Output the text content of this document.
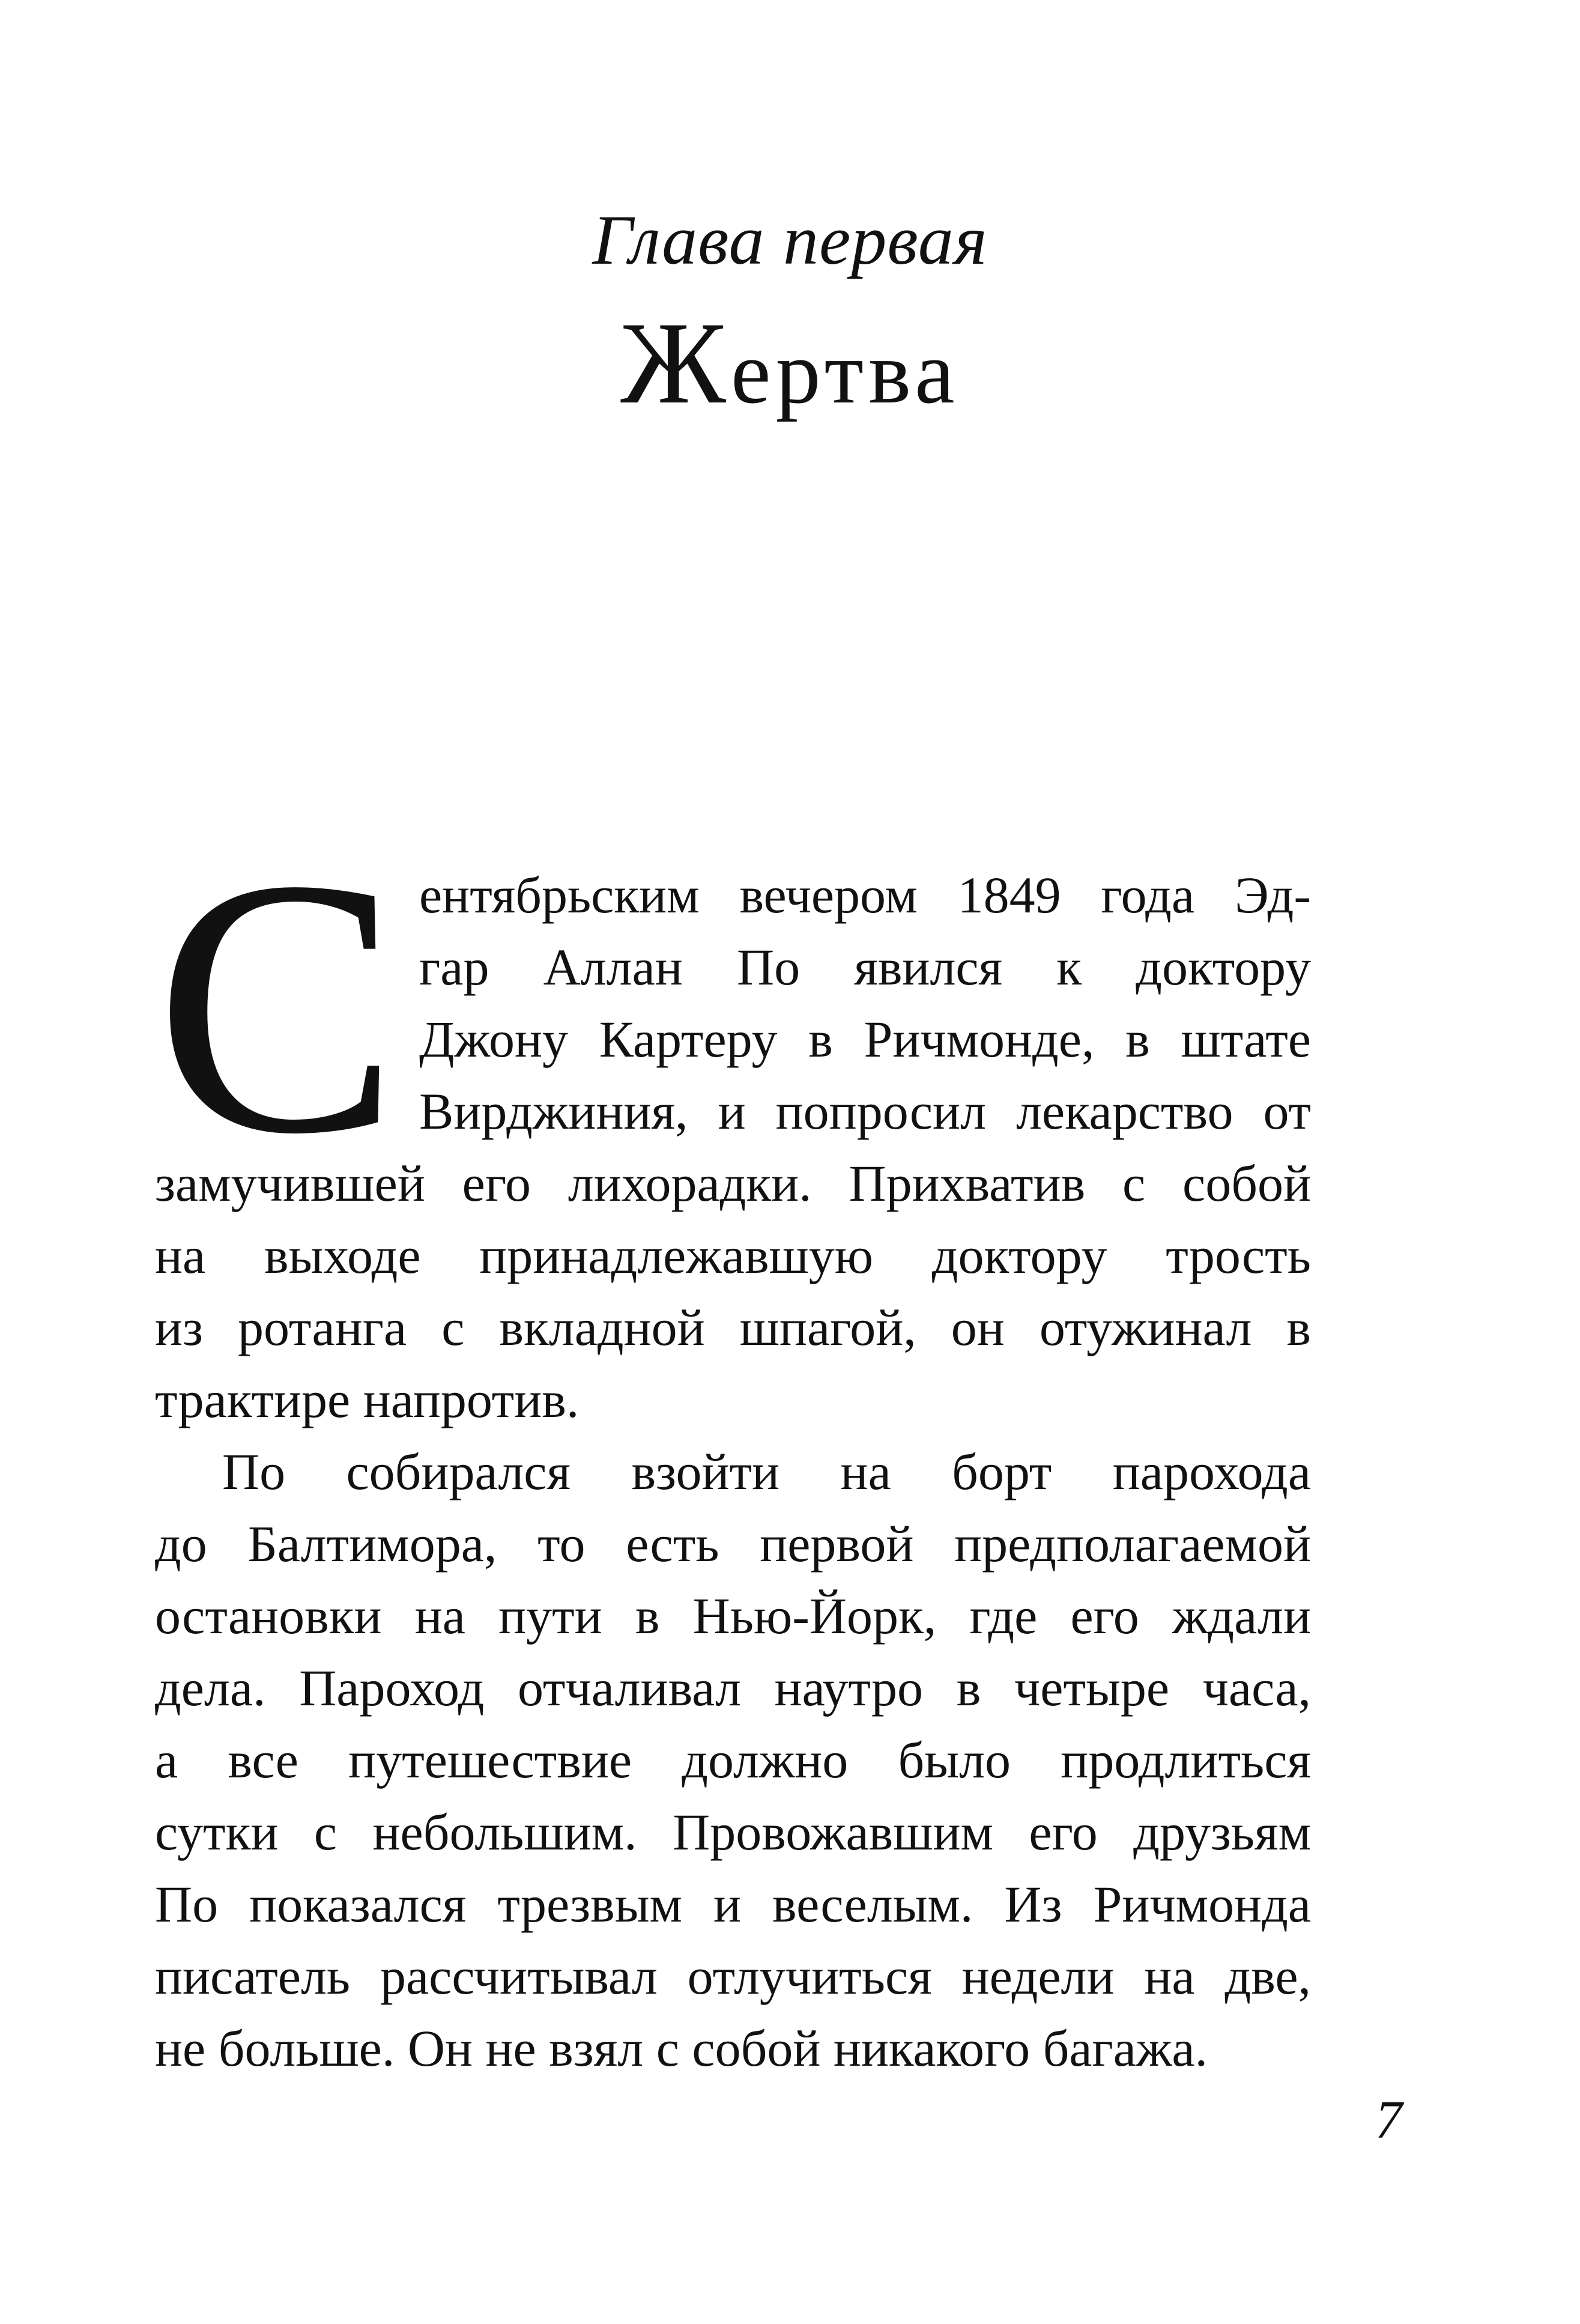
Глава первая
Жертва
С ентябрьским вечером 1849 года Эд-
гар Аллан По явился к доктору
Джону Картеру в Ричмонде, в штате
Вирджиния, и попросил лекарство от
замучившей его лихорадки. Прихватив с собой
на выходе принадлежавшую доктору трость
из ротанга с вкладной шпагой, он отужинал в
трактире напротив.
По собирался взойти на борт парохода
до Балтимора, то есть первой предполагаемой
остановки на пути в Нью-Йорк, где его ждали
дела. Пароход отчаливал наутро в четыре часа,
а все путешествие должно было продлиться
сутки с небольшим. Провожавшим его друзьям
По показался трезвым и веселым. Из Ричмонда
писатель рассчитывал отлучиться недели на две,
не больше. Он не взял с собой никакого багажа.
7
